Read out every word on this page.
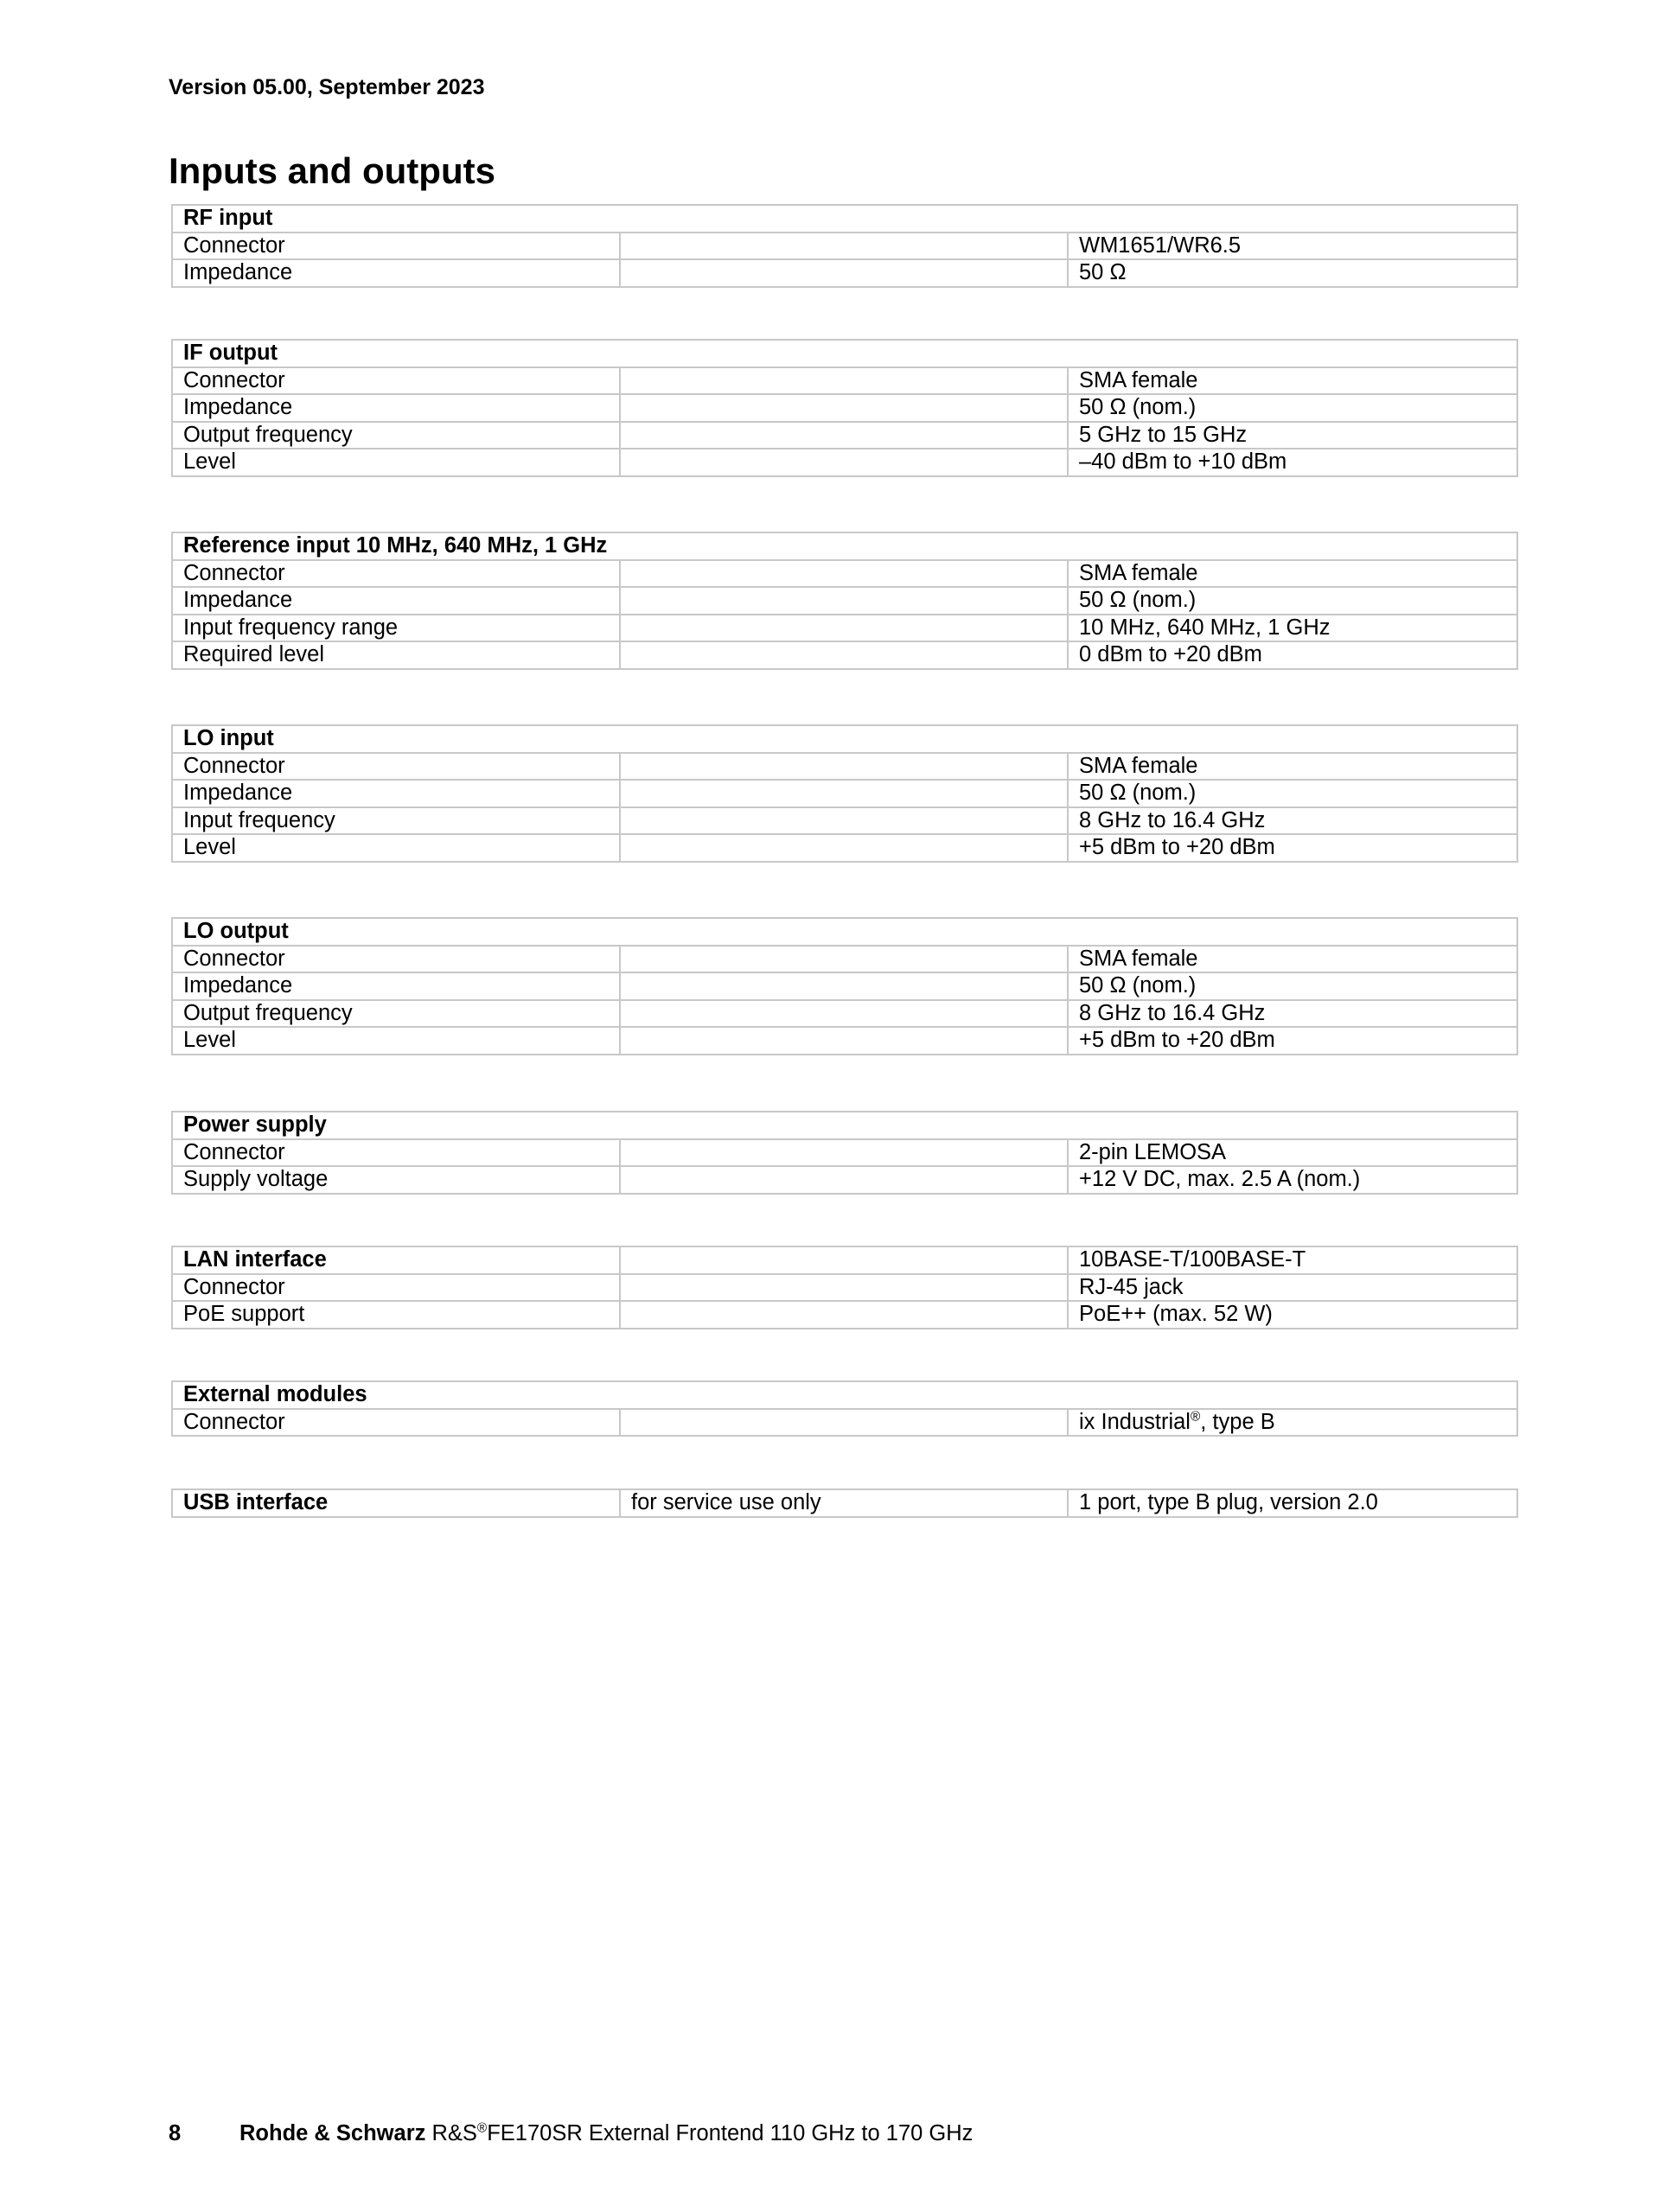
Version 05.00, September 2023
Inputs and outputs
RF input		
Connector		WM1651/WR6.5
Impedance		50 Ω
IF output		
Connector		SMA female
Impedance		50 Ω (nom.)
Output frequency		5 GHz to 15 GHz
Level		–40 dBm to +10 dBm
Reference input 10 MHz, 640 MHz, 1 GHz		
Connector		SMA female
Impedance		50 Ω (nom.)
Input frequency range		10 MHz, 640 MHz, 1 GHz
Required level		0 dBm to +20 dBm
LO input		
Connector		SMA female
Impedance		50 Ω (nom.)
Input frequency		8 GHz to 16.4 GHz
Level		+5 dBm to +20 dBm
LO output		
Connector		SMA female
Impedance		50 Ω (nom.)
Output frequency		8 GHz to 16.4 GHz
Level		+5 dBm to +20 dBm
Power supply		
Connector		2-pin LEMOSA
Supply voltage		+12 V DC, max. 2.5 A (nom.)
LAN interface		10BASE-T/100BASE-T
Connector		RJ-45 jack
PoE support		PoE++ (max. 52 W)
External modules
Connector		ix Industrial®, type B
USB interface	for service use only	1 port, type B plug, version 2.0
8	Rohde & Schwarz R&S®FE170SR External Frontend 110 GHz to 170 GHz
